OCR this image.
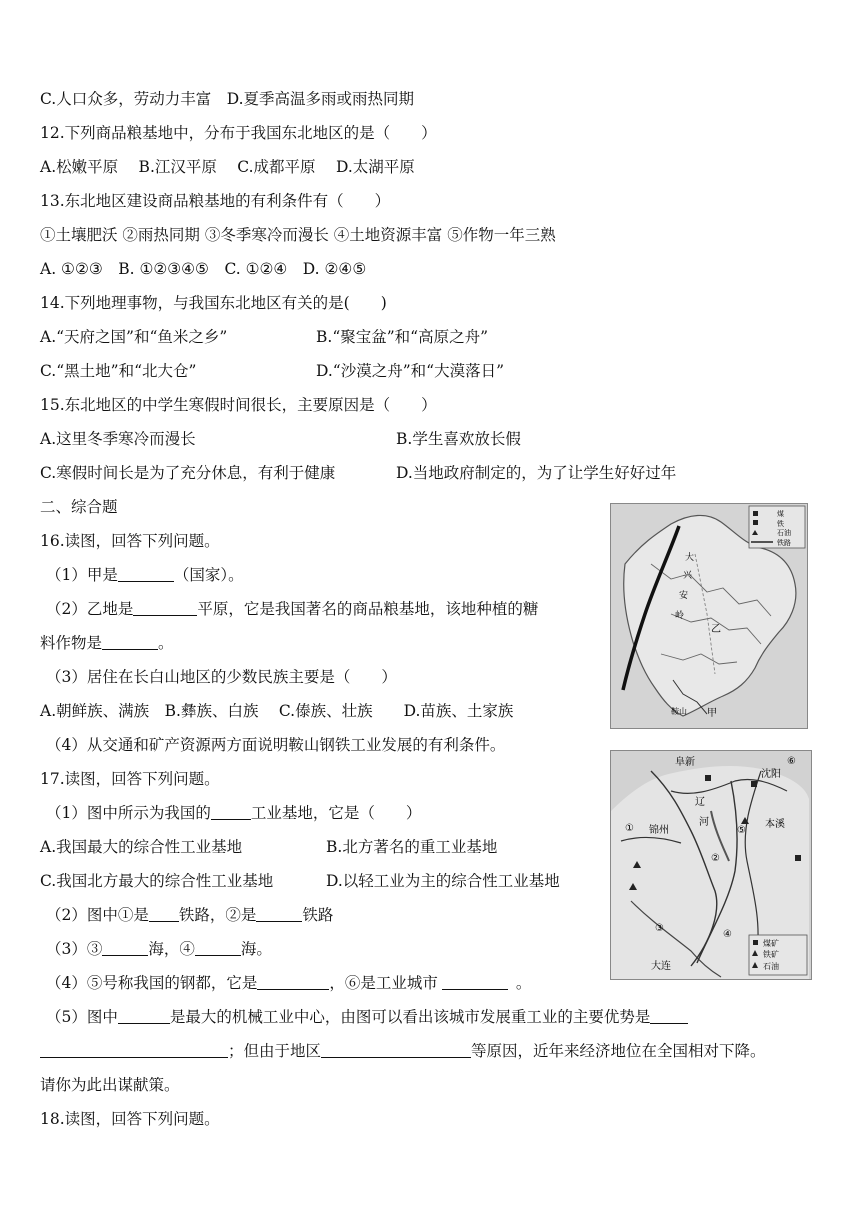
C.人口众多，劳动力丰富　D.夏季高温多雨或雨热同期
12.下列商品粮基地中，分布于我国东北地区的是（　　）
A.松嫩平原　 B.江汉平原　 C.成都平原　 D.太湖平原
13.东北地区建设商品粮基地的有利条件有（　　）
①土壤肥沃 ②雨热同期 ③冬季寒冷而漫长 ④土地资源丰富 ⑤作物一年三熟
A. ①②③　B. ①②③④⑤　C. ①②④　D. ②④⑤
14.下列地理事物，与我国东北地区有关的是(　　)
A.“天府之国”和“鱼米之乡”	B.“聚宝盆”和“高原之舟”
C.“黑土地”和“北大仓”	D.“沙漠之舟”和“大漠落日”
15.东北地区的中学生寒假时间很长，主要原因是（　　）
A.这里冬季寒冷而漫长	B.学生喜欢放长假
C.寒假时间长是为了充分休息，有利于健康	D.当地政府制定的，为了让学生好好过年
二、综合题
16.读图，回答下列问题。
（1）甲是	（国家）。
（2）乙地是	平原，它是我国著名的商品粮基地，该地种植的糖
料作物是	。
（3）居住在长白山地区的少数民族主要是（　　）
A.朝鲜族、满族　B.彝族、白族　 C.傣族、壮族　　D.苗族、土家族
（4）从交通和矿产资源两方面说明鞍山钢铁工业发展的有利条件。
17.读图，回答下列问题。
（1）图中所示为我国的	工业基地，它是（　　）
A.我国最大的综合性工业基地	B.北方著名的重工业基地
C.我国北方最大的综合性工业基地	D.以轻工业为主的综合性工业基地
（2）图中①是 铁路，②是	铁路
（3）③	海，④	海。
（4）⑤号称我国的钢都，它是	，⑥是工业城市	。
（5）图中	是最大的机械工业中心，由图可以看出该城市发展重工业的主要优势是
；但由于地区	等原因，近年来经济地位在全国相对下降。
请你为此出谋献策。
18.读图，回答下列问题。
大
兴
安
岭
乙
鞍山 甲
煤
铁
石油
铁路
阜新
沈阳
⑥
辽
河	本溪
① 锦州	⑤
②
③
④
大连
煤矿
铁矿
石油
